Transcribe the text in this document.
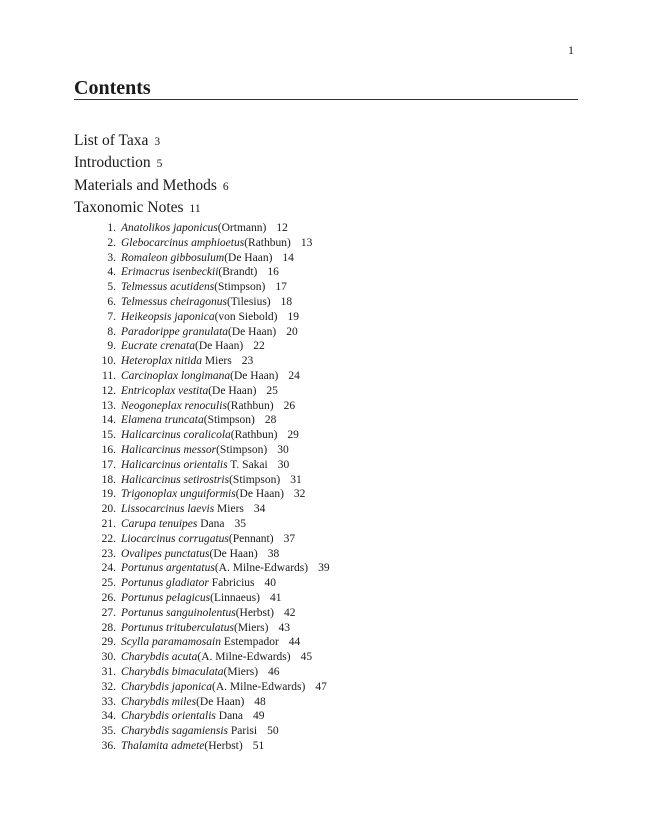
1
Contents
List of Taxa 3
Introduction 5
Materials and Methods 6
Taxonomic Notes 11
1. Anatolikos japonicus(Ortmann) 12
2. Glebocarcinus amphioetus(Rathbun) 13
3. Romaleon gibbosulum(De Haan) 14
4. Erimacrus isenbeckii(Brandt) 16
5. Telmessus acutidens(Stimpson) 17
6. Telmessus cheiragonus(Tilesius) 18
7. Heikeopsis japonica(von Siebold) 19
8. Paradorippe granulata(De Haan) 20
9. Eucrate crenata(De Haan) 22
10. Heteroplax nitida Miers 23
11. Carcinoplax longimana(De Haan) 24
12. Entricoplax vestita(De Haan) 25
13. Neogoneplax renoculis(Rathbun) 26
14. Elamena truncata(Stimpson) 28
15. Halicarcinus coralicola(Rathbun) 29
16. Halicarcinus messor(Stimpson) 30
17. Halicarcinus orientalis T. Sakai 30
18. Halicarcinus setirostris(Stimpson) 31
19. Trigonoplax unguiformis(De Haan) 32
20. Lissocarcinus laevis Miers 34
21. Carupa tenuipes Dana 35
22. Liocarcinus corrugatus(Pennant) 37
23. Ovalipes punctatus(De Haan) 38
24. Portunus argentatus(A. Milne-Edwards) 39
25. Portunus gladiator Fabricius 40
26. Portunus pelagicus(Linnaeus) 41
27. Portunus sanguinolentus(Herbst) 42
28. Portunus trituberculatus(Miers) 43
29. Scylla paramamosain Estempador 44
30. Charybdis acuta(A. Milne-Edwards) 45
31. Charybdis bimaculata(Miers) 46
32. Charybdis japonica(A. Milne-Edwards) 47
33. Charybdis miles(De Haan) 48
34. Charybdis orientalis Dana 49
35. Charybdis sagamiensis Parisi 50
36. Thalamita admete(Herbst) 51
